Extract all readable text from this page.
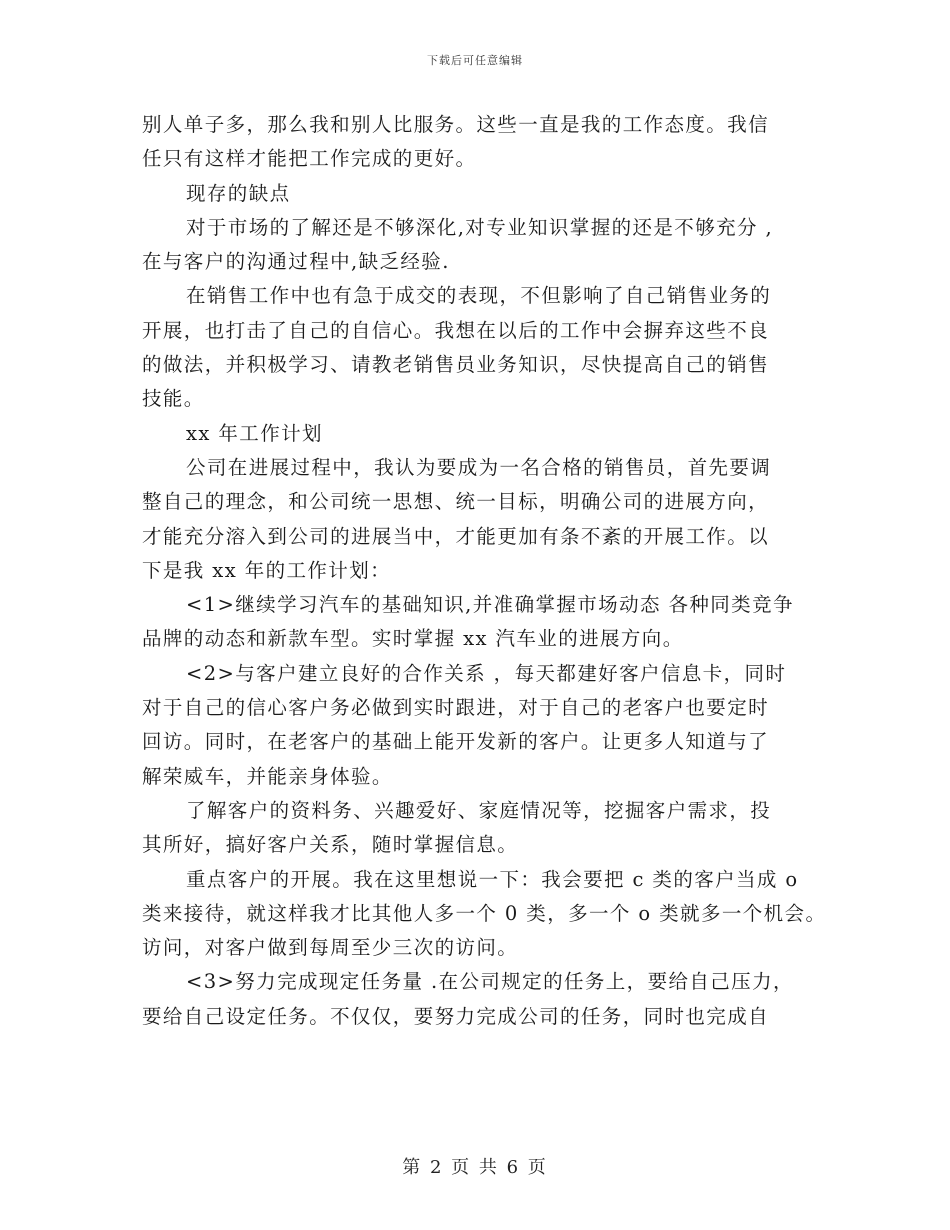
下载后可任意编辑
别人单子多，那么我和别人比服务。这些一直是我的工作态度。我信
任只有这样才能把工作完成的更好。
现存的缺点
对于市场的了解还是不够深化,对专业知识掌握的还是不够充分 ,
在与客户的沟通过程中,缺乏经验.
在销售工作中也有急于成交的表现，不但影响了自己销售业务的
开展，也打击了自己的自信心。我想在以后的工作中会摒弃这些不良
的做法，并积极学习、请教老销售员业务知识，尽快提高自己的销售
技能。
xx 年工作计划
公司在进展过程中，我认为要成为一名合格的销售员，首先要调
整自己的理念，和公司统一思想、统一目标，明确公司的进展方向，
才能充分溶入到公司的进展当中，才能更加有条不紊的开展工作。以
下是我 xx 年的工作计划：
<1>继续学习汽车的基础知识,并准确掌握市场动态 各种同类竞争
品牌的动态和新款车型。实时掌握 xx 汽车业的进展方向。
<2>与客户建立良好的合作关系 ，每天都建好客户信息卡，同时
对于自己的信心客户务必做到实时跟进，对于自己的老客户也要定时
回访。同时，在老客户的基础上能开发新的客户。让更多人知道与了
解荣威车，并能亲身体验。
了解客户的资料务、兴趣爱好、家庭情况等，挖掘客户需求，投
其所好，搞好客户关系，随时掌握信息。
重点客户的开展。我在这里想说一下：我会要把 c 类的客户当成 o
类来接待，就这样我才比其他人多一个 0 类，多一个 o 类就多一个机会。
访问，对客户做到每周至少三次的访问。
<3>努力完成现定任务量 .在公司规定的任务上，要给自己压力，
要给自己设定任务。不仅仅，要努力完成公司的任务，同时也完成自
第 2 页 共 6 页
